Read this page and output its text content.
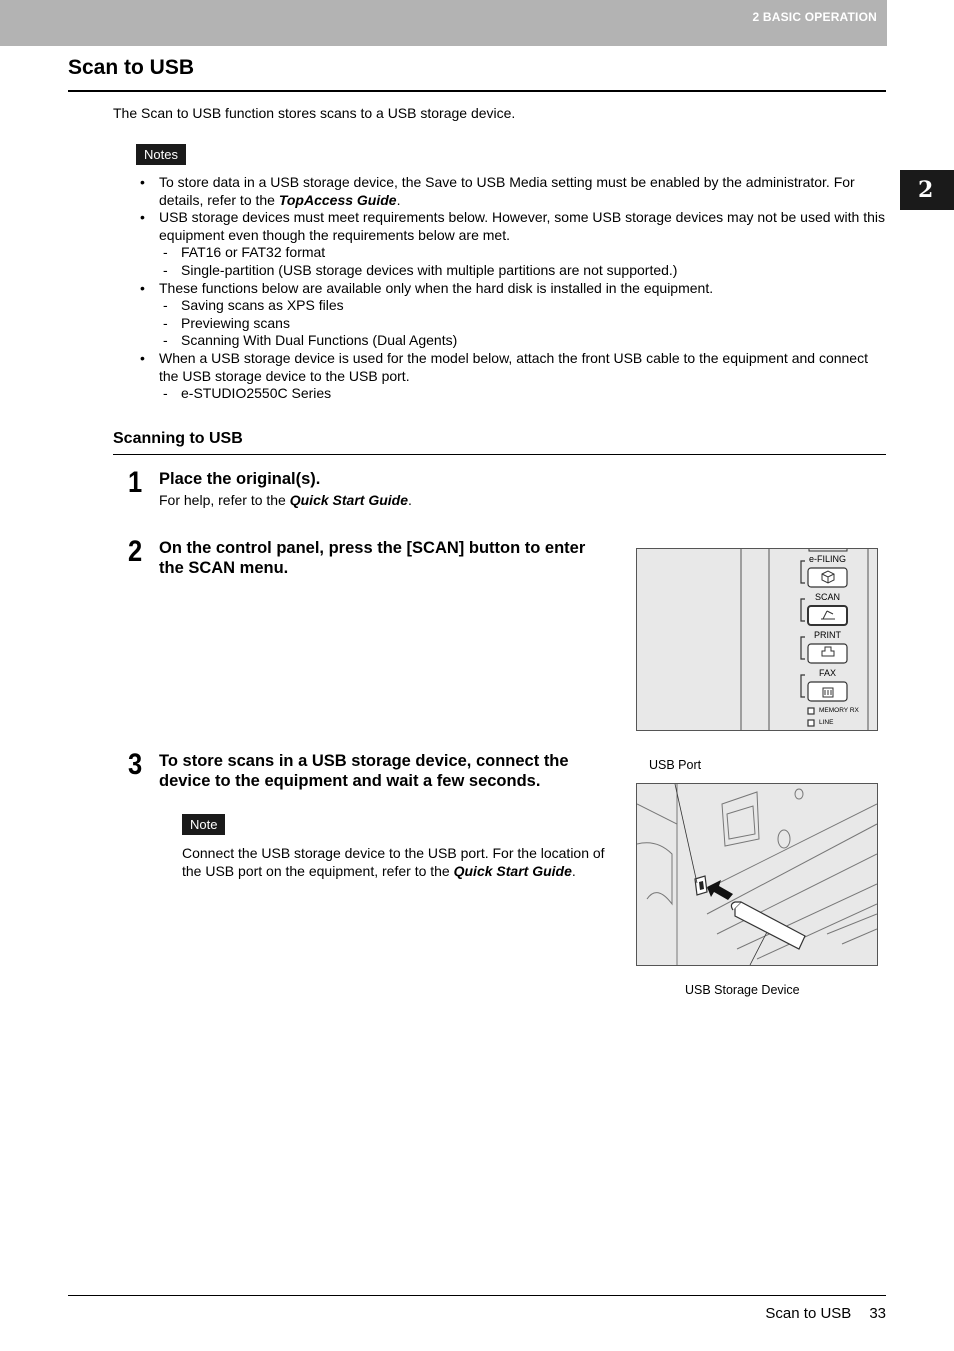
2 BASIC OPERATION
2
Scan to USB
The Scan to USB function stores scans to a USB storage device.
Notes
• To store data in a USB storage device, the Save to USB Media setting must be enabled by the administrator. For details, refer to the TopAccess Guide.
• USB storage devices must meet requirements below. However, some USB storage devices may not be used with this equipment even though the requirements below are met.
- FAT16 or FAT32 format
- Single-partition (USB storage devices with multiple partitions are not supported.)
• These functions below are available only when the hard disk is installed in the equipment.
- Saving scans as XPS files
- Previewing scans
- Scanning With Dual Functions (Dual Agents)
• When a USB storage device is used for the model below, attach the front USB cable to the equipment and connect the USB storage device to the USB port.
- e-STUDIO2550C Series
Scanning to USB
1 Place the original(s).
For help, refer to the Quick Start Guide.
2 On the control panel, press the [SCAN] button to enter the SCAN menu.	e-FILING
SCAN
PRINT
FAX
MEMORY RX
LINE
3 To store scans in a USB storage device, connect the device to the equipment and wait a few seconds.
Note
Connect the USB storage device to the USB port. For the location of the USB port on the equipment, refer to the Quick Start Guide.
USB Port
USB Storage Device
Scan to USB 33
